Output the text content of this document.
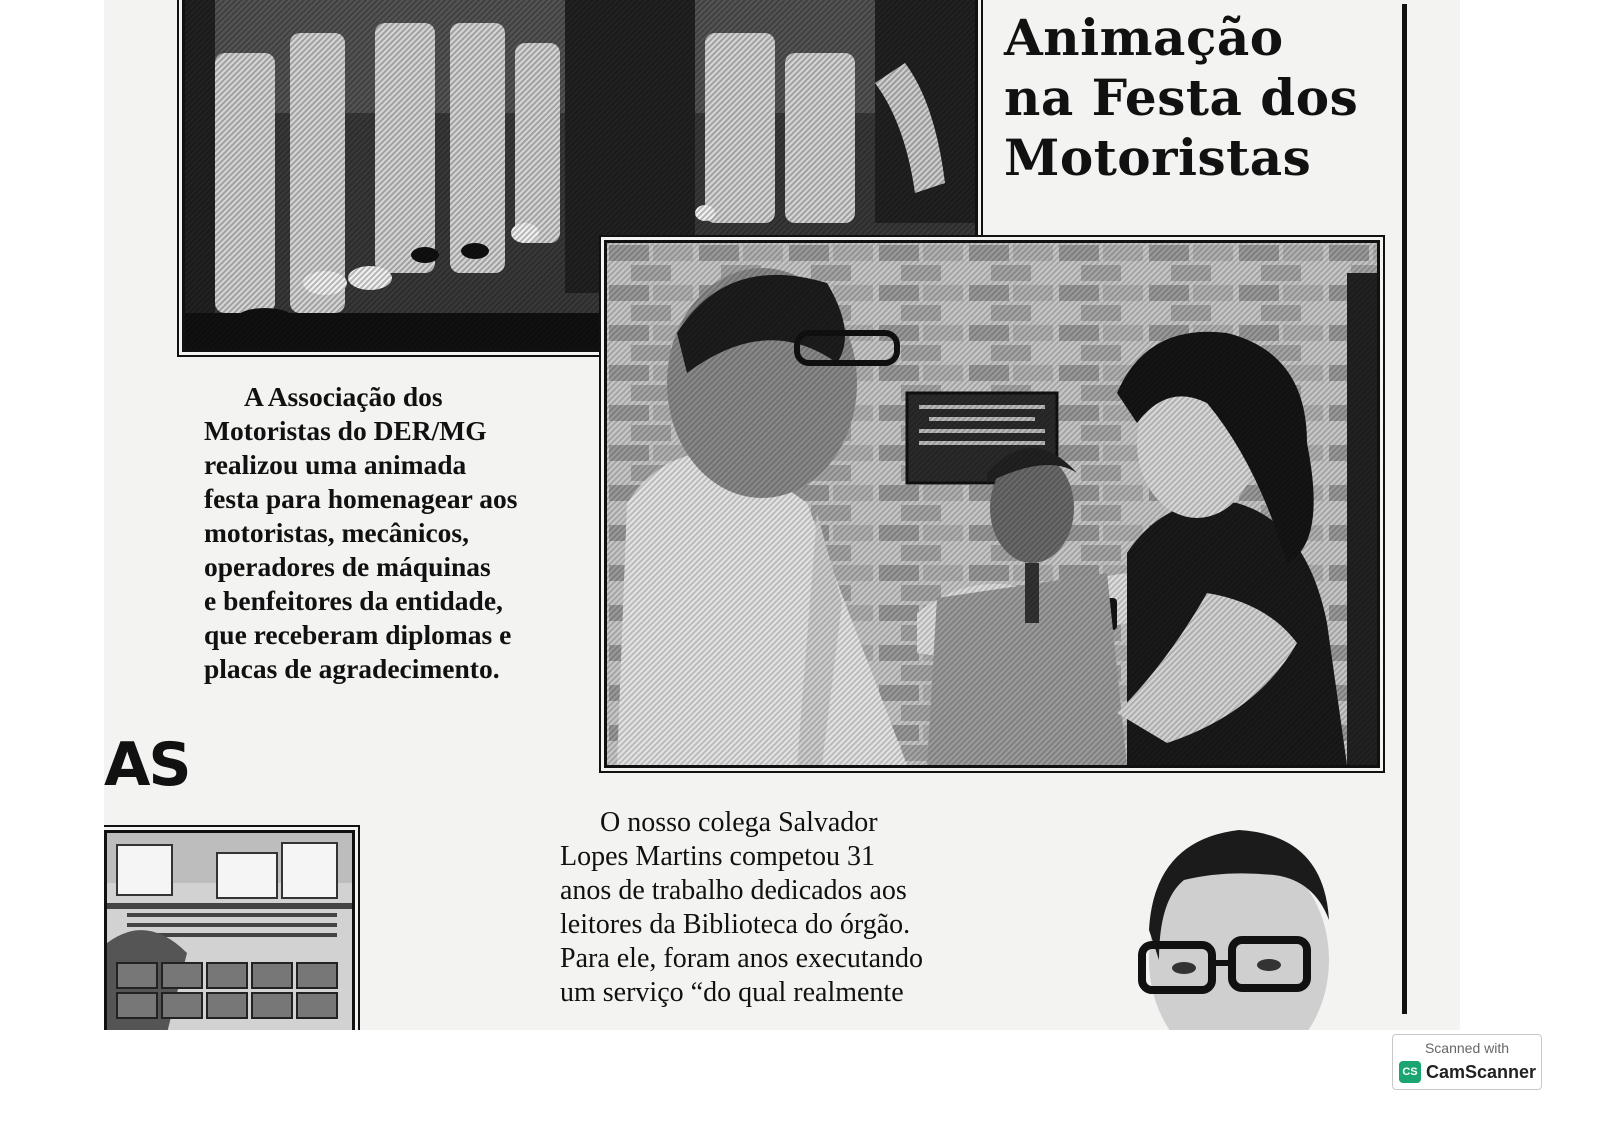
Animação
na Festa dos
Motoristas

A Associação dos
Motoristas do DER/MG
realizou uma animada
festa para homenagear aos
motoristas, mecânicos,
operadores de máquinas
e benfeitores da entidade,
que receberam diplomas e
placas de agradecimento.

AS

O nosso colega Salvador
Lopes Martins competou 31
anos de trabalho dedicados aos
leitores da Biblioteca do órgão.
Para ele, foram anos executando
um serviço “do qual realmente

Scanned with
CS CamScanner
